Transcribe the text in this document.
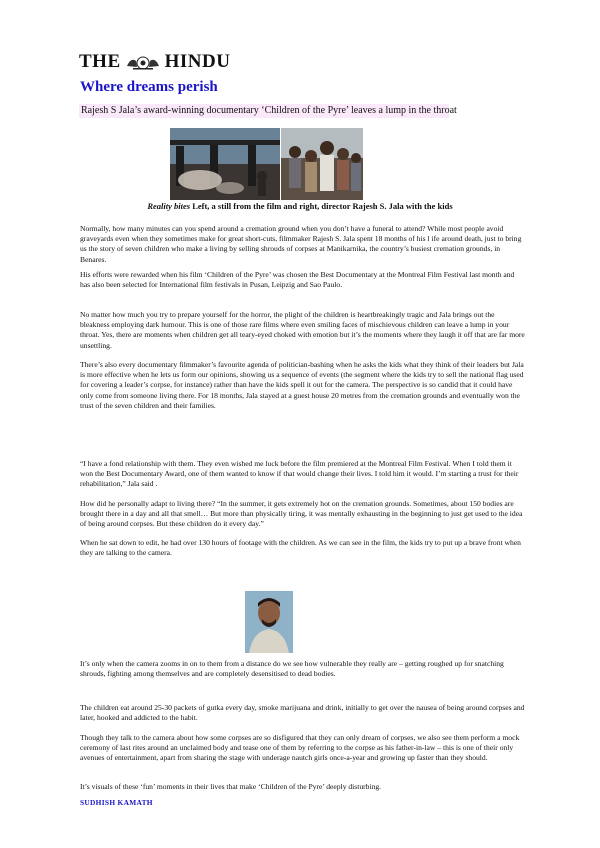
THE HINDU
Where dreams perish
Rajesh S Jala’s award-winning documentary ‘Children of the Pyre’ leaves a lump in the throat
Reality bites Left, a still from the film and right, director Rajesh S. Jala with the kids

Normally, how many minutes can you spend around a cremation ground when you don’t have a funeral to attend? While most people avoid graveyards even when they sometimes make for great short-cuts, filmmaker Rajesh S. Jala spent 18 months of his l ife around death, just to bring us the story of seven children who make a living by selling shrouds of corpses at Manikarnika, the country’s busiest cremation grounds, in Benares.

His efforts were rewarded when his film ‘Children of the Pyre’ was chosen the Best Documentary at the Montreal Film Festival last month and has also been selected for International film festivals in Pusan, Leipzig and Sao Paulo.

No matter how much you try to prepare yourself for the horror, the plight of the children is heartbreakingly tragic and Jala brings out the bleakness employing dark humour. This is one of those rare films where even smiling faces of mischievous children can leave a lump in your throat. Yes, there are moments when children get all teary-eyed choked with emotion but it’s the moments where they laugh it off that are far more unsettling.

There’s also every documentary filmmaker’s favourite agenda of politician-bashing when he asks the kids what they think of their leaders but Jala is more effective when he lets us form our opinions, showing us a sequence of events (the segment where the kids try to sell the national flag used for covering a leader’s corpse, for instance) rather than have the kids spell it out for the camera. The perspective is so candid that it could have only come from someone living there. For 18 months, Jala stayed at a guest house 20 metres from the cremation grounds and eventually won the trust of the seven children and their families.

“I have a fond relationship with them. They even wished me luck before the film premiered at the Montreal Film Festival. When I told them it won the Best Documentary Award, one of them wanted to know if that would change their lives. I told him it would. I’m starting a trust for their rehabilitation,” Jala said .

How did he personally adapt to living there? “In the summer, it gets extremely hot on the cremation grounds. Sometimes, about 150 bodies are brought there in a day and all that smell… But more than physically tiring, it was mentally exhausting in the beginning to just get used to the idea of being around corpses. But these children do it every day.”

When he sat down to edit, he had over 130 hours of footage with the children. As we can see in the film, the kids try to put up a brave front when they are talking to the camera.

It’s only when the camera zooms in on to them from a distance do we see how vulnerable they really are – getting roughed up for snatching shrouds, fighting among themselves and are completely desensitised to dead bodies.

The children eat around 25-30 packets of gutka every day, smoke marijuana and drink, initially to get over the nausea of being around corpses and later, hooked and addicted to the habit.

Though they talk to the camera about how some corpses are so disfigured that they can only dream of corpses, we also see them perform a mock ceremony of last rites around an unclaimed body and tease one of them by referring to the corpse as his father-in-law – this is one of their only avenues of entertainment, apart from sharing the stage with underage nautch girls once-a-year and growing up faster than they should.

It’s visuals of these ‘fun’ moments in their lives that make ‘Children of the Pyre’ deeply disturbing.

SUDHISH KAMATH
